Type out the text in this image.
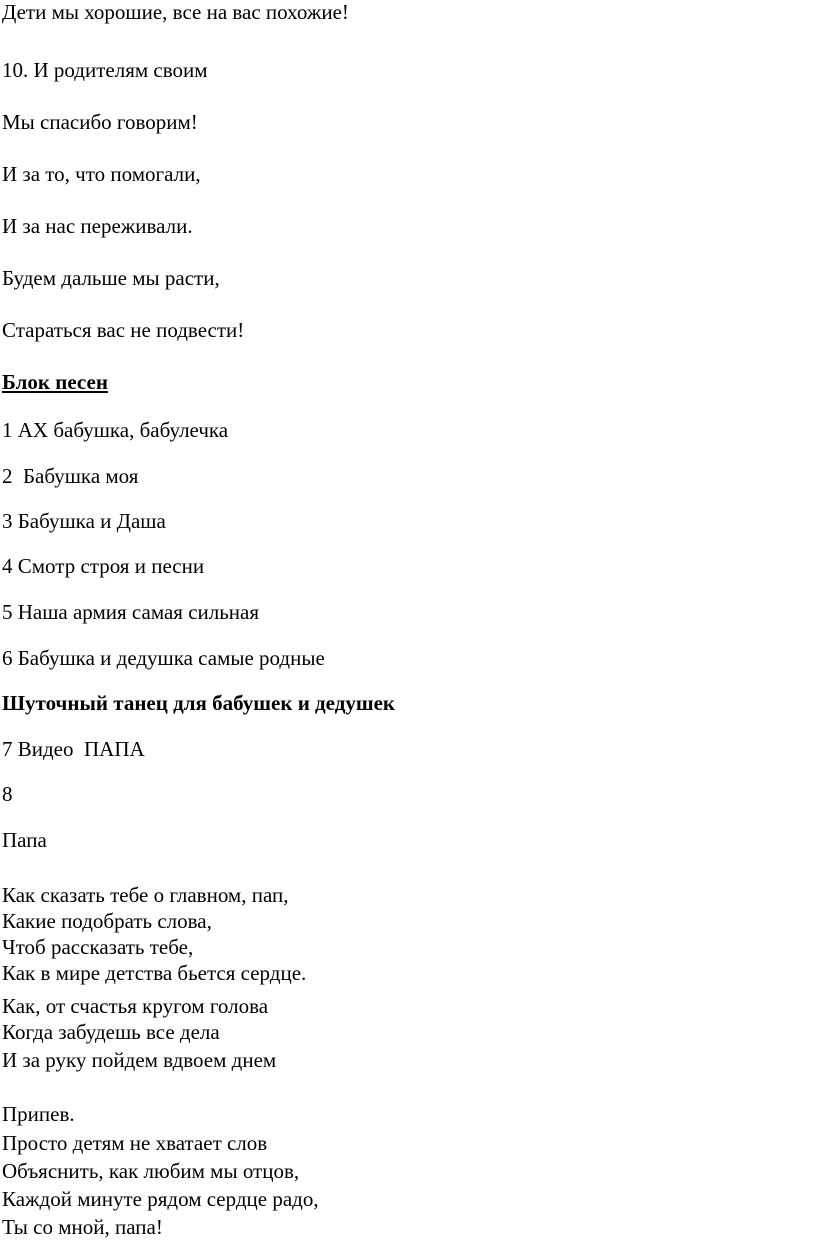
Дети мы хорошие, все на вас похожие!

10. И родителям своим

Мы спасибо говорим!

И за то, что помогали,

И за нас переживали.

Будем дальше мы расти,

Стараться вас не подвести!

Блок песен

1 АХ бабушка, бабулечка

2  Бабушка моя

3 Бабушка и Даша

4 Смотр строя и песни

5 Наша армия самая сильная

6 Бабушка и дедушка самые родные

Шуточный танец для бабушек и дедушек

7 Видео  ПАПА

8

Папа

Как сказать тебе о главном, пап,

Какие подобрать слова,

Чтоб рассказать тебе,

Как в мире детства бьется сердце.

Как, от счастья кругом голова

Когда забудешь все дела

И за руку пойдем вдвоем днем

Припев.

Просто детям не хватает слов

Объяснить, как любим мы отцов,

Каждой минуте рядом сердце радо,

Ты со мной, папа!
